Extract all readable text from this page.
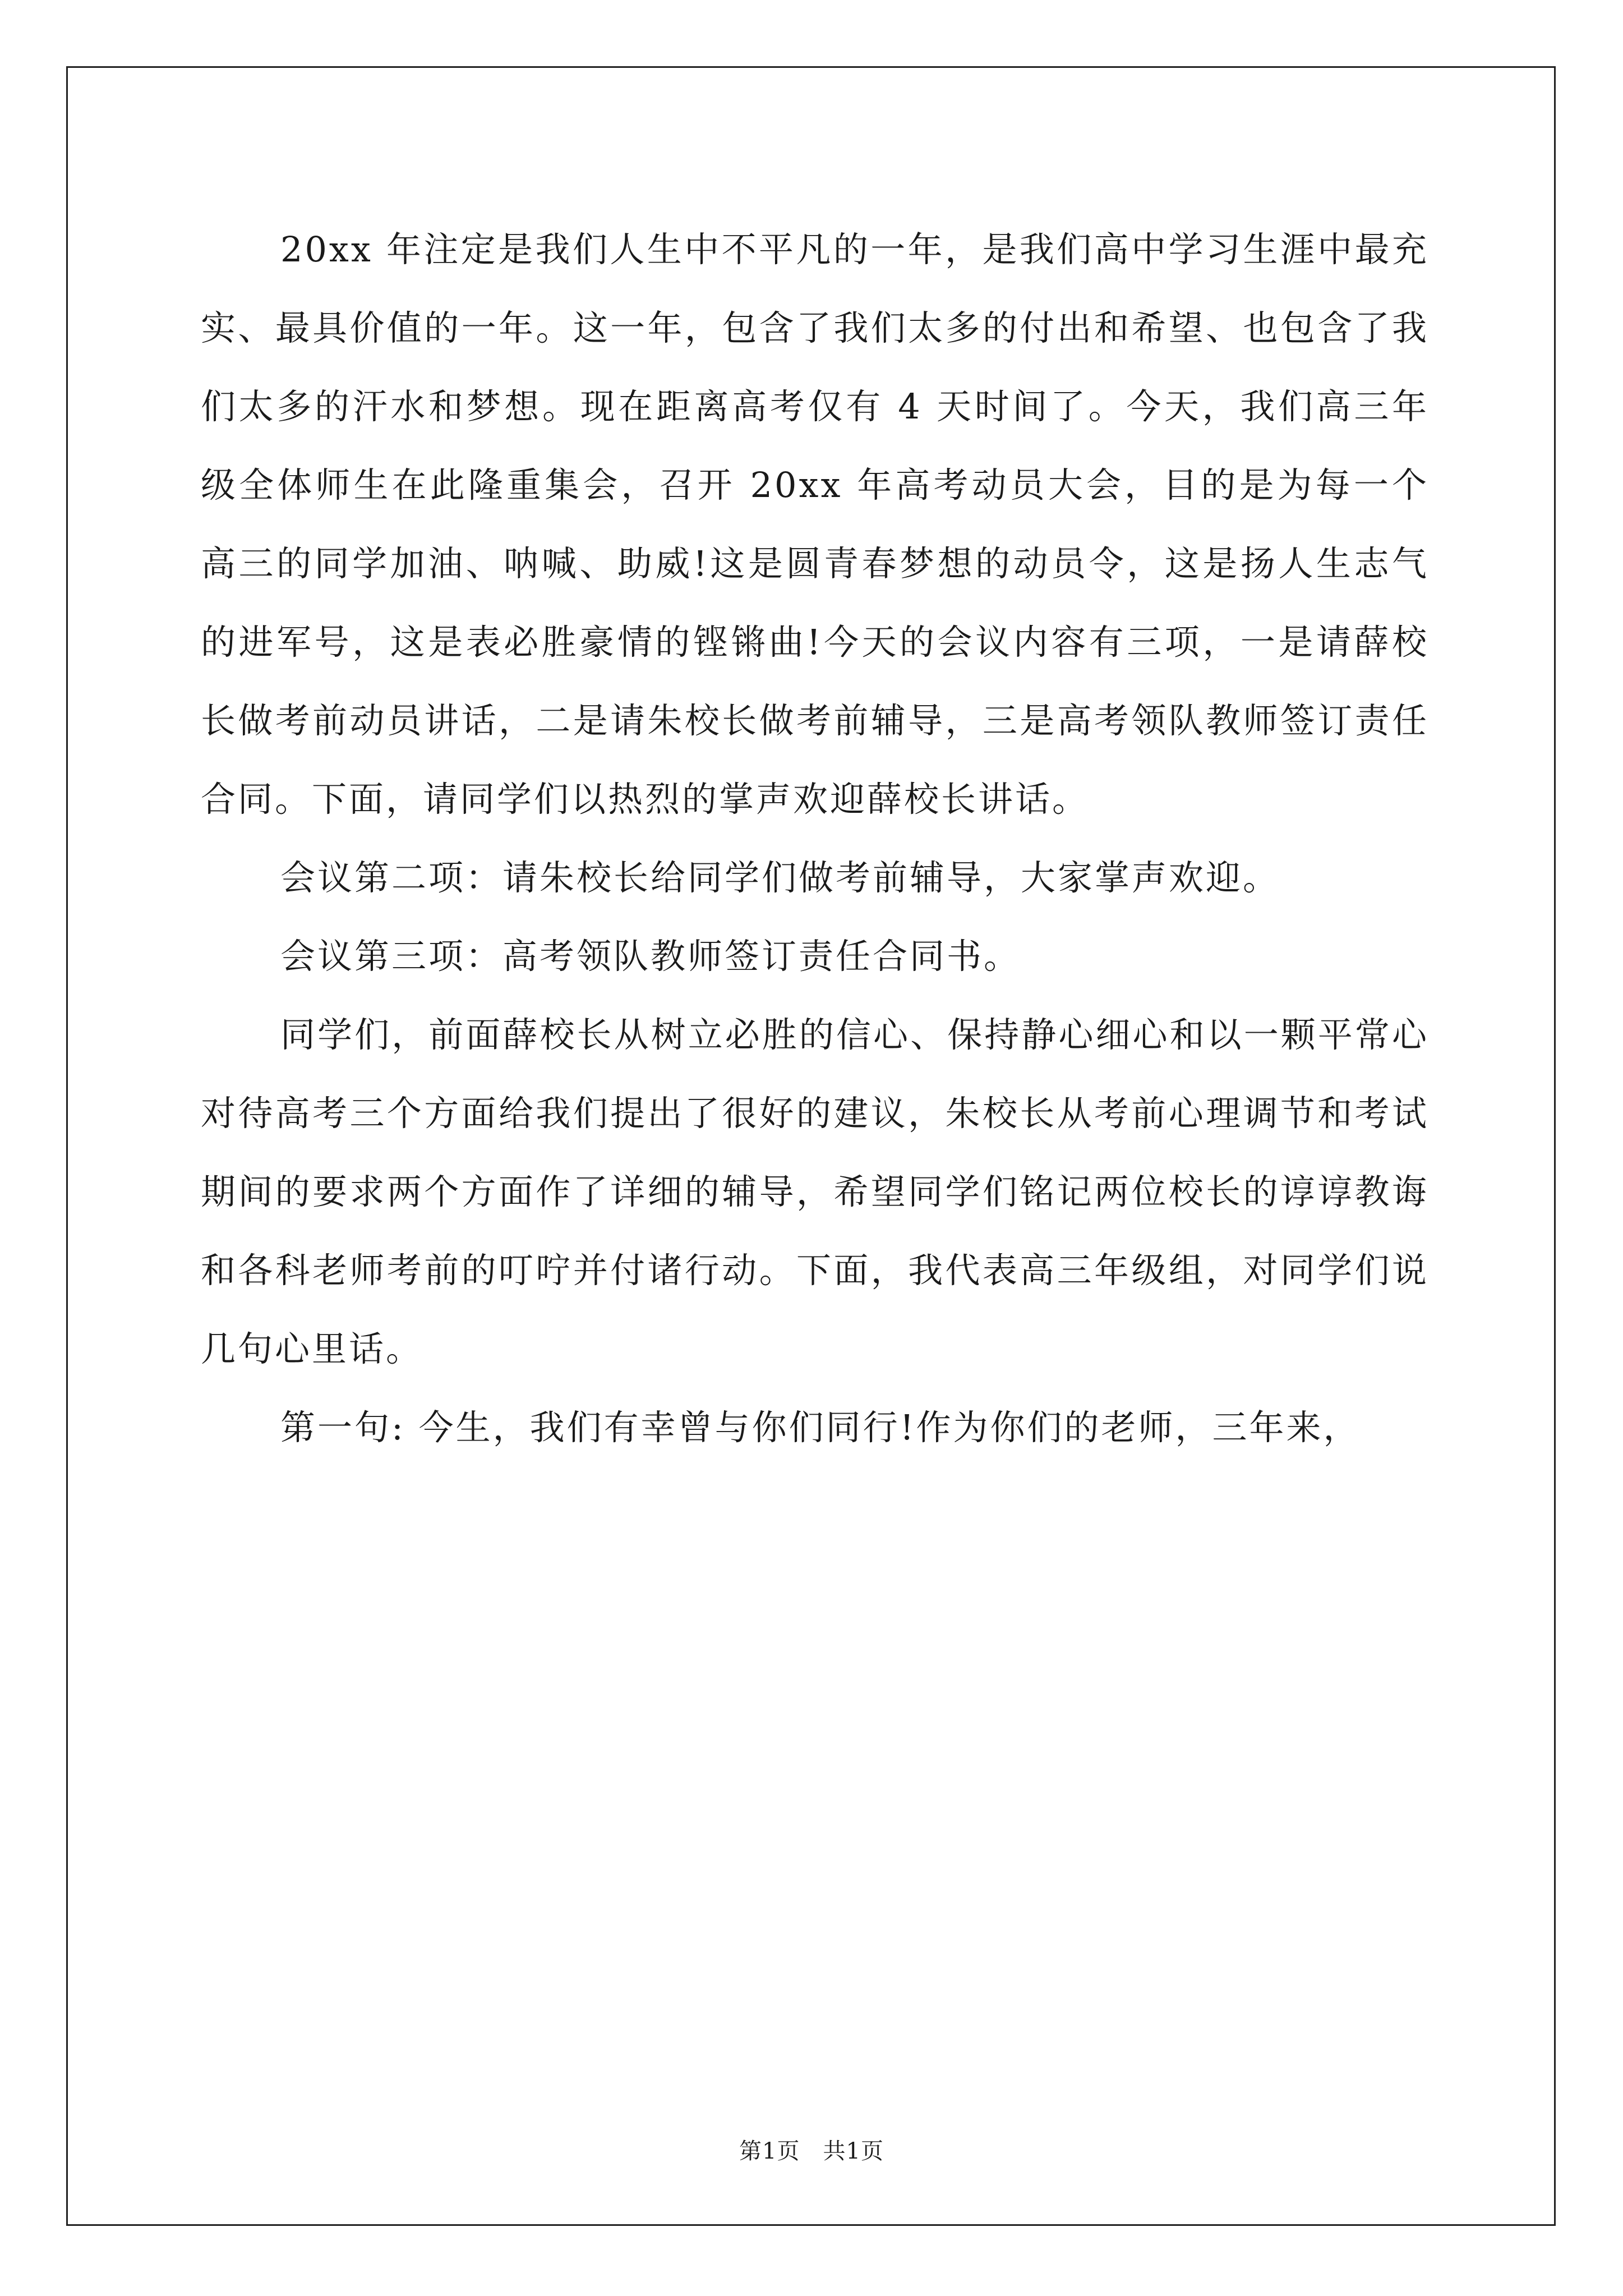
20xx 年注定是我们人生中不平凡的一年，是我们高中学习生涯中最充实、最具价值的一年。这一年，包含了我们太多的付出和希望、也包含了我们太多的汗水和梦想。现在距离高考仅有 4 天时间了。今天，我们高三年级全体师生在此隆重集会，召开 20xx 年高考动员大会，目的是为每一个高三的同学加油、呐喊、助威!这是圆青春梦想的动员令，这是扬人生志气的进军号，这是表必胜豪情的铿锵曲!今天的会议内容有三项，一是请薛校长做考前动员讲话，二是请朱校长做考前辅导，三是高考领队教师签订责任合同。下面，请同学们以热烈的掌声欢迎薛校长讲话。

会议第二项：请朱校长给同学们做考前辅导，大家掌声欢迎。

会议第三项：高考领队教师签订责任合同书。

同学们，前面薛校长从树立必胜的信心、保持静心细心和以一颗平常心对待高考三个方面给我们提出了很好的建议，朱校长从考前心理调节和考试期间的要求两个方面作了详细的辅导，希望同学们铭记两位校长的谆谆教诲和各科老师考前的叮咛并付诸行动。下面，我代表高三年级组，对同学们说几句心里话。

第一句: 今生，我们有幸曾与你们同行!作为你们的老师，三年来，

第1页　共1页
